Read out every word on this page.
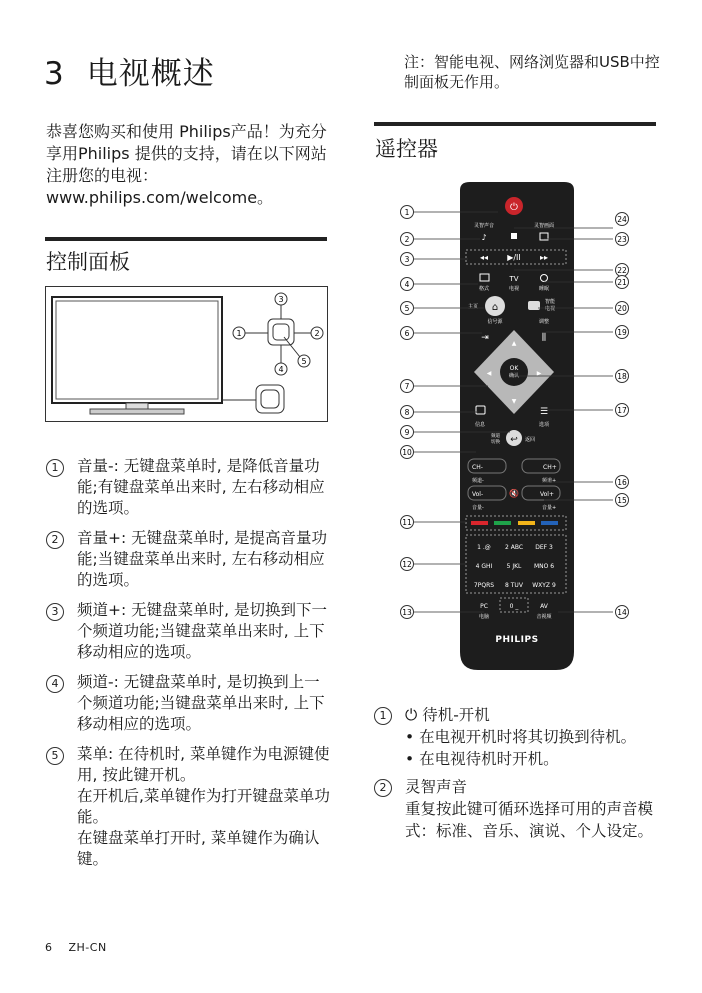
3 电视概述
恭喜您购买和使用 Philips产品！为充分享用Philips 提供的支持，请在以下网站注册您的电视：www.philips.com/welcome。
控制面板
3
1	2
4
5
1	音量-: 无键盘菜单时, 是降低音量功能;有键盘菜单出来时, 左右移动相应的选项。
2	音量+: 无键盘菜单时, 是提高音量功能;当键盘菜单出来时, 左右移动相应的选项。
3	频道+: 无键盘菜单时, 是切换到下一个频道功能;当键盘菜单出来时, 上下移动相应的选项。
4	频道-: 无键盘菜单时, 是切换到上一个频道功能;当键盘菜单出来时, 上下移动相应的选项。
5	菜单: 在待机时, 菜单键作为电源键使用, 按此键开机。
在开机后,菜单键作为打开键盘菜单功能。
在键盘菜单打开时, 菜单键作为确认键。
注：智能电视、网络浏览器和USB中控制面板无作用。
遥控器
⏻
灵智声音	灵智画面
♪
◂◂ ▶/II ▸▸
TV
格式	电视	睡眠
⌂
主页
智能
电视
信号源	调整
⇥	⫼
OK
确认
▲
▼
◀	▶
☰
信息	选项
↩
频道
切换	返回
CH-	CH+
频道-	频道+
Vol-	Vol+
🔇
音量-	音量+
1 .@ 2 ABC DEF 3
4 GHI 5 JKL MNO 6
7PQRS 8 TUV WXYZ 9
0 _
PC	AV
电脑	音视频
PHILIPS
1
2
3
4
5
6
7
8
9
10
11
12
13
24
23
22
21
20
19
18
17
16
15
14
1	⏻ 待机-开机
• 在电视开机时将其切换到待机。
• 在电视待机时开机。
2	灵智声音
重复按此键可循环选择可用的声音模式：标准、音乐、演说、个人设定。
6 ZH-CN
